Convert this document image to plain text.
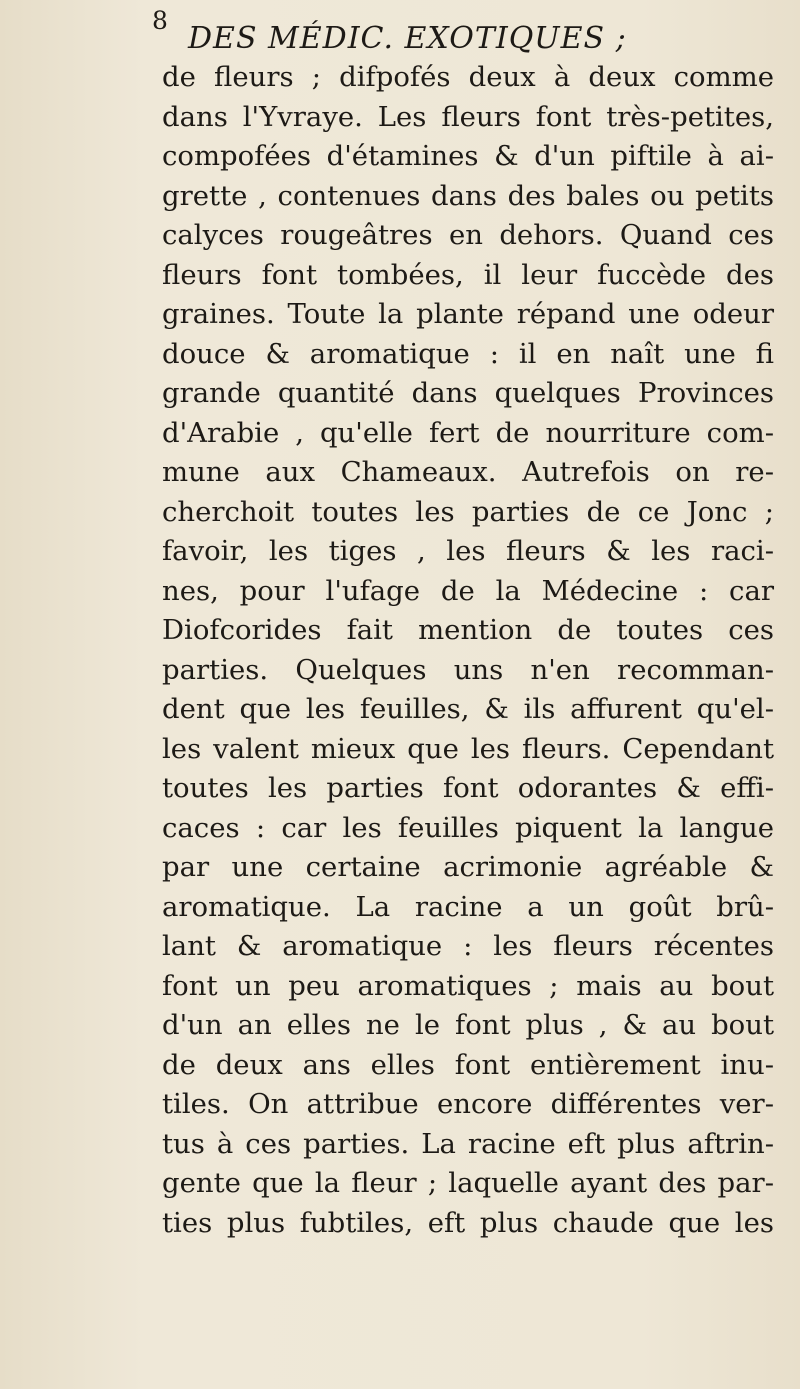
8
DES MÉDIC. EXOTIQUES ;
de fleurs ; difpofés deux à deux comme
dans l'Yvraye. Les fleurs font très-petites,
compofées d'étamines & d'un piftile à ai-
grette , contenues dans des bales ou petits
calyces rougeâtres en dehors. Quand ces
fleurs font tombées, il leur fuccède des
graines. Toute la plante répand une odeur
douce & aromatique : il en naît une fi
grande quantité dans quelques Provinces
d'Arabie , qu'elle fert de nourriture com-
mune aux Chameaux. Autrefois on re-
cherchoit toutes les parties de ce Jonc ;
favoir, les tiges , les fleurs & les raci-
nes, pour l'ufage de la Médecine : car
Diofcorides fait mention de toutes ces
parties. Quelques uns n'en recomman-
dent que les feuilles, & ils affurent qu'el-
les valent mieux que les fleurs. Cependant
toutes les parties font odorantes & effi-
caces : car les feuilles piquent la langue
par une certaine acrimonie agréable &
aromatique. La racine a un goût brû-
lant & aromatique : les fleurs récentes
font un peu aromatiques ; mais au bout
d'un an elles ne le font plus , & au bout
de deux ans elles font entièrement inu-
tiles. On attribue encore différentes ver-
tus à ces parties. La racine eft plus aftrin-
gente que la fleur ; laquelle ayant des par-
ties plus fubtiles, eft plus chaude que les
